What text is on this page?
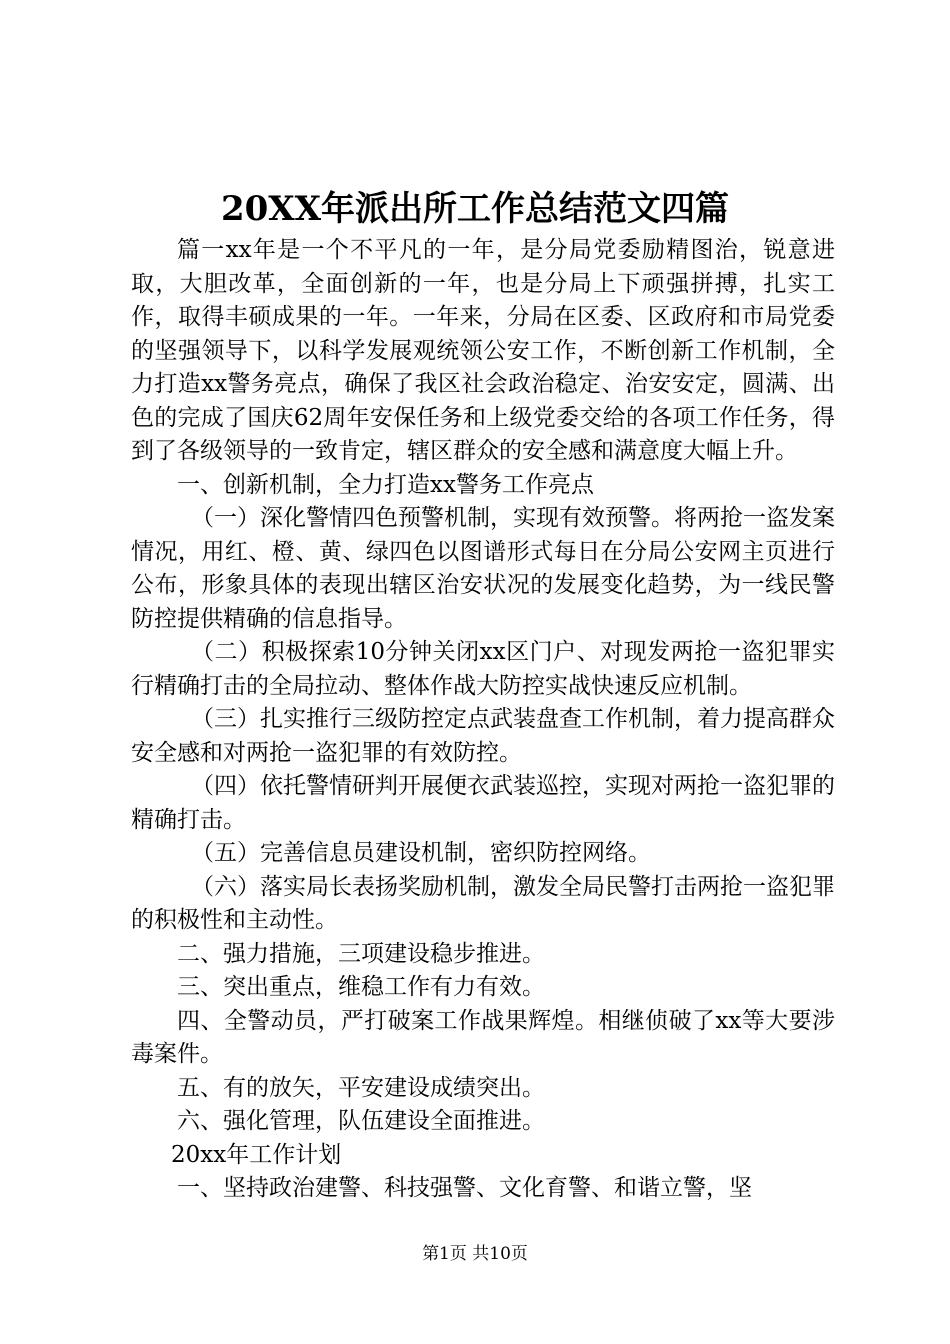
20XX年派出所工作总结范文四篇

篇一xx年是一个不平凡的一年，是分局党委励精图治，锐意进取，大胆改革，全面创新的一年，也是分局上下顽强拼搏，扎实工作，取得丰硕成果的一年。一年来，分局在区委、区政府和市局党委的坚强领导下，以科学发展观统领公安工作，不断创新工作机制，全力打造xx警务亮点，确保了我区社会政治稳定、治安安定，圆满、出色的完成了国庆62周年安保任务和上级党委交给的各项工作任务，得到了各级领导的一致肯定，辖区群众的安全感和满意度大幅上升。

一、创新机制，全力打造xx警务工作亮点

（一）深化警情四色预警机制，实现有效预警。将两抢一盗发案情况，用红、橙、黄、绿四色以图谱形式每日在分局公安网主页进行公布，形象具体的表现出辖区治安状况的发展变化趋势，为一线民警防控提供精确的信息指导。

（二）积极探索10分钟关闭xx区门户、对现发两抢一盗犯罪实行精确打击的全局拉动、整体作战大防控实战快速反应机制。

（三）扎实推行三级防控定点武装盘查工作机制，着力提高群众安全感和对两抢一盗犯罪的有效防控。

（四）依托警情研判开展便衣武装巡控，实现对两抢一盗犯罪的精确打击。

（五）完善信息员建设机制，密织防控网络。

（六）落实局长表扬奖励机制，激发全局民警打击两抢一盗犯罪的积极性和主动性。

二、强力措施，三项建设稳步推进。

三、突出重点，维稳工作有力有效。

四、全警动员，严打破案工作战果辉煌。相继侦破了xx等大要涉毒案件。

五、有的放矢，平安建设成绩突出。

六、强化管理，队伍建设全面推进。

20xx年工作计划

一、坚持政治建警、科技强警、文化育警、和谐立警，坚

第1页 共10页
